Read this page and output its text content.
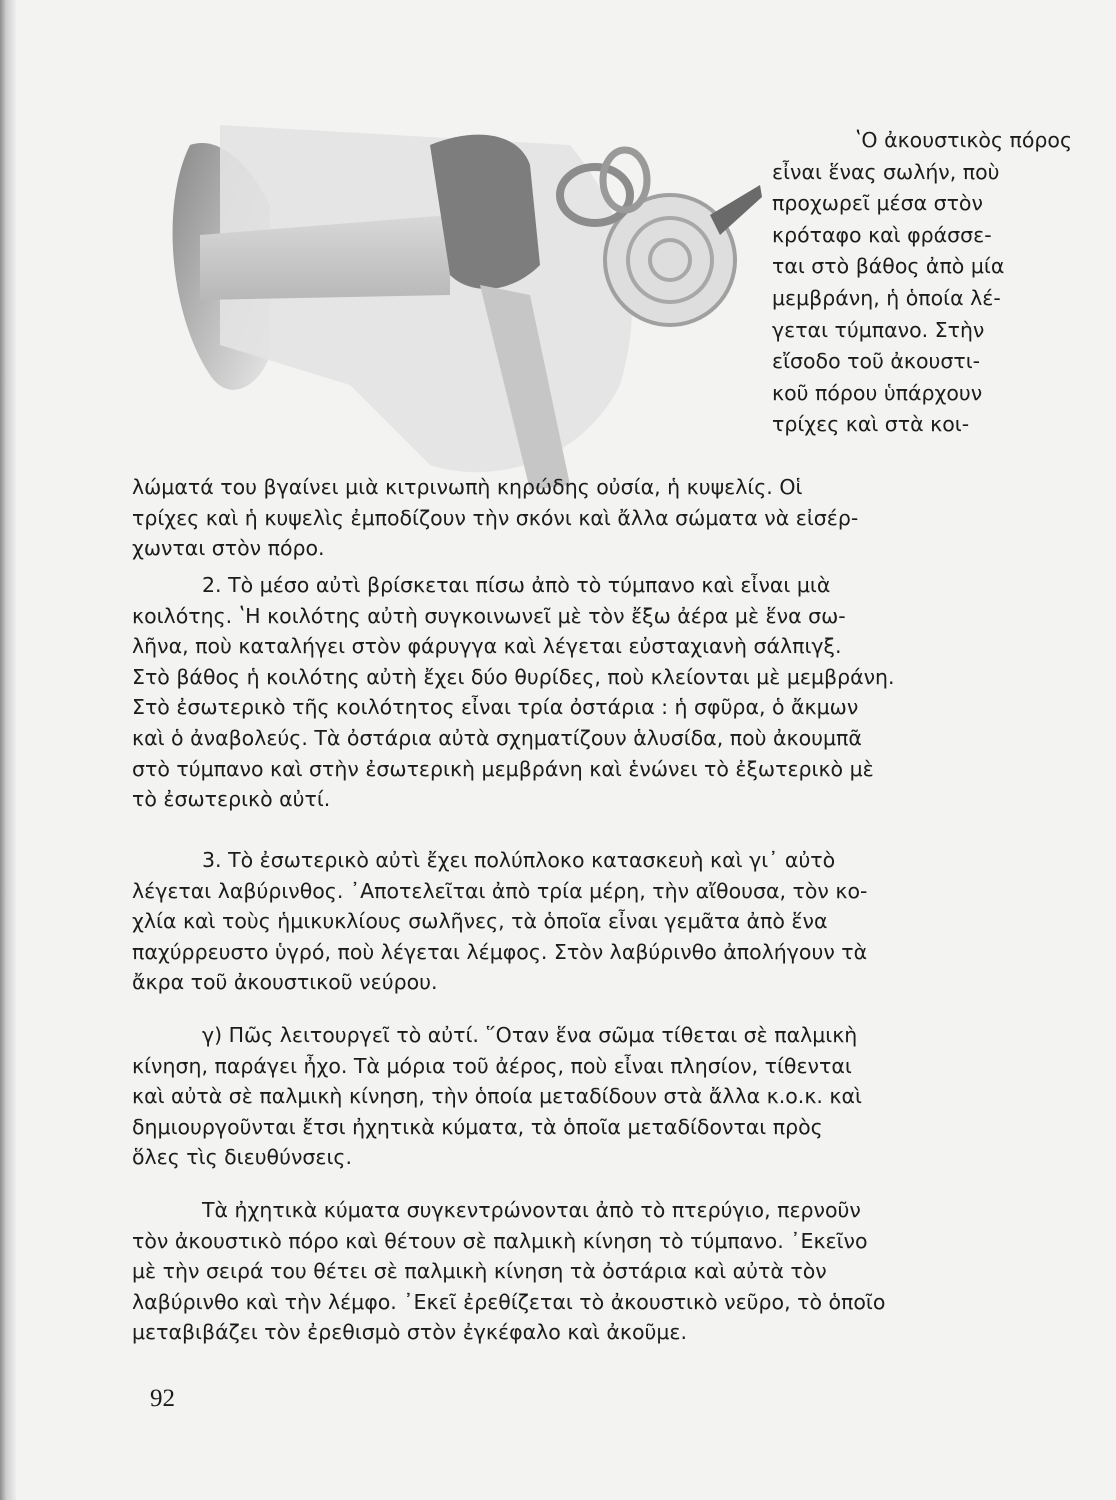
ʽΟ ἀκουστικὸς πόρος
εἶναι ἕνας σωλήν, ποὺ
προχωρεῖ μέσα στὸν
κρόταφο καὶ φράσσε-
ται στὸ βάθος ἀπὸ μία
μεμβράνη, ἡ ὁποία λέ-
γεται τύμπανο. Στὴν
εἴσοδο τοῦ ἀκουστι-
κοῦ πόρου ὑπάρχουν
τρίχες καὶ στὰ κοι-
λώματά του βγαίνει μιὰ κιτρινωπὴ κηρώδης οὐσία, ἡ κυψελίς. Οἱ
τρίχες καὶ ἡ κυψελὶς ἐμποδίζουν τὴν σκόνι καὶ ἄλλα σώματα νὰ εἰσέρ-
χωνται στὸν πόρο.
2. Τὸ μέσο αὐτὶ βρίσκεται πίσω ἀπὸ τὸ τύμπανο καὶ εἶναι μιὰ
κοιλότης. ʽΗ κοιλότης αὐτὴ συγκοινωνεῖ μὲ τὸν ἔξω ἀέρα μὲ ἕνα σω-
λῆνα, ποὺ καταλήγει στὸν φάρυγγα καὶ λέγεται εὐσταχιανὴ σάλπιγξ.
Στὸ βάθος ἡ κοιλότης αὐτὴ ἔχει δύο θυρίδες, ποὺ κλείονται μὲ μεμβράνη.
Στὸ ἐσωτερικὸ τῆς κοιλότητος εἶναι τρία ὀστάρια : ἡ σφῦρα, ὁ ἄκμων
καὶ ὁ ἀναβολεύς. Τὰ ὀστάρια αὐτὰ σχηματίζουν ἁλυσίδα, ποὺ ἀκουμπᾶ
στὸ τύμπανο καὶ στὴν ἐσωτερικὴ μεμβράνη καὶ ἑνώνει τὸ ἐξωτερικὸ μὲ
τὸ ἐσωτερικὸ αὐτί.
3. Τὸ ἐσωτερικὸ αὐτὶ ἔχει πολύπλοκο κατασκευὴ καὶ γι᾽ αὐτὸ
λέγεται λαβύρινθος. ᾽Αποτελεῖται ἀπὸ τρία μέρη, τὴν αἴθουσα, τὸν κο-
χλία καὶ τοὺς ἡμικυκλίους σωλῆνες, τὰ ὁποῖα εἶναι γεμᾶτα ἀπὸ ἕνα
παχύρρευστο ὑγρό, ποὺ λέγεται λέμφος. Στὸν λαβύρινθο ἀπολήγουν τὰ
ἄκρα τοῦ ἀκουστικοῦ νεύρου.
γ) Πῶς λειτουργεῖ τὸ αὐτί. ῞Οταν ἕνα σῶμα τίθεται σὲ παλμικὴ
κίνηση, παράγει ἦχο. Τὰ μόρια τοῦ ἀέρος, ποὺ εἶναι πλησίον, τίθενται
καὶ αὐτὰ σὲ παλμικὴ κίνηση, τὴν ὁποία μεταδίδουν στὰ ἄλλα κ.ο.κ. καὶ
δημιουργοῦνται ἔτσι ἠχητικὰ κύματα, τὰ ὁποῖα μεταδίδονται πρὸς
ὅλες τὶς διευθύνσεις.
Τὰ ἠχητικὰ κύματα συγκεντρώνονται ἀπὸ τὸ πτερύγιο, περνοῦν
τὸν ἀκουστικὸ πόρο καὶ θέτουν σὲ παλμικὴ κίνηση τὸ τύμπανο. ᾽Εκεῖνο
μὲ τὴν σειρά του θέτει σὲ παλμικὴ κίνηση τὰ ὀστάρια καὶ αὐτὰ τὸν
λαβύρινθο καὶ τὴν λέμφο. ᾽Εκεῖ ἐρεθίζεται τὸ ἀκουστικὸ νεῦρο, τὸ ὁποῖο
μεταβιβάζει τὸν ἐρεθισμὸ στὸν ἐγκέφαλο καὶ ἀκοῦμε.
92
